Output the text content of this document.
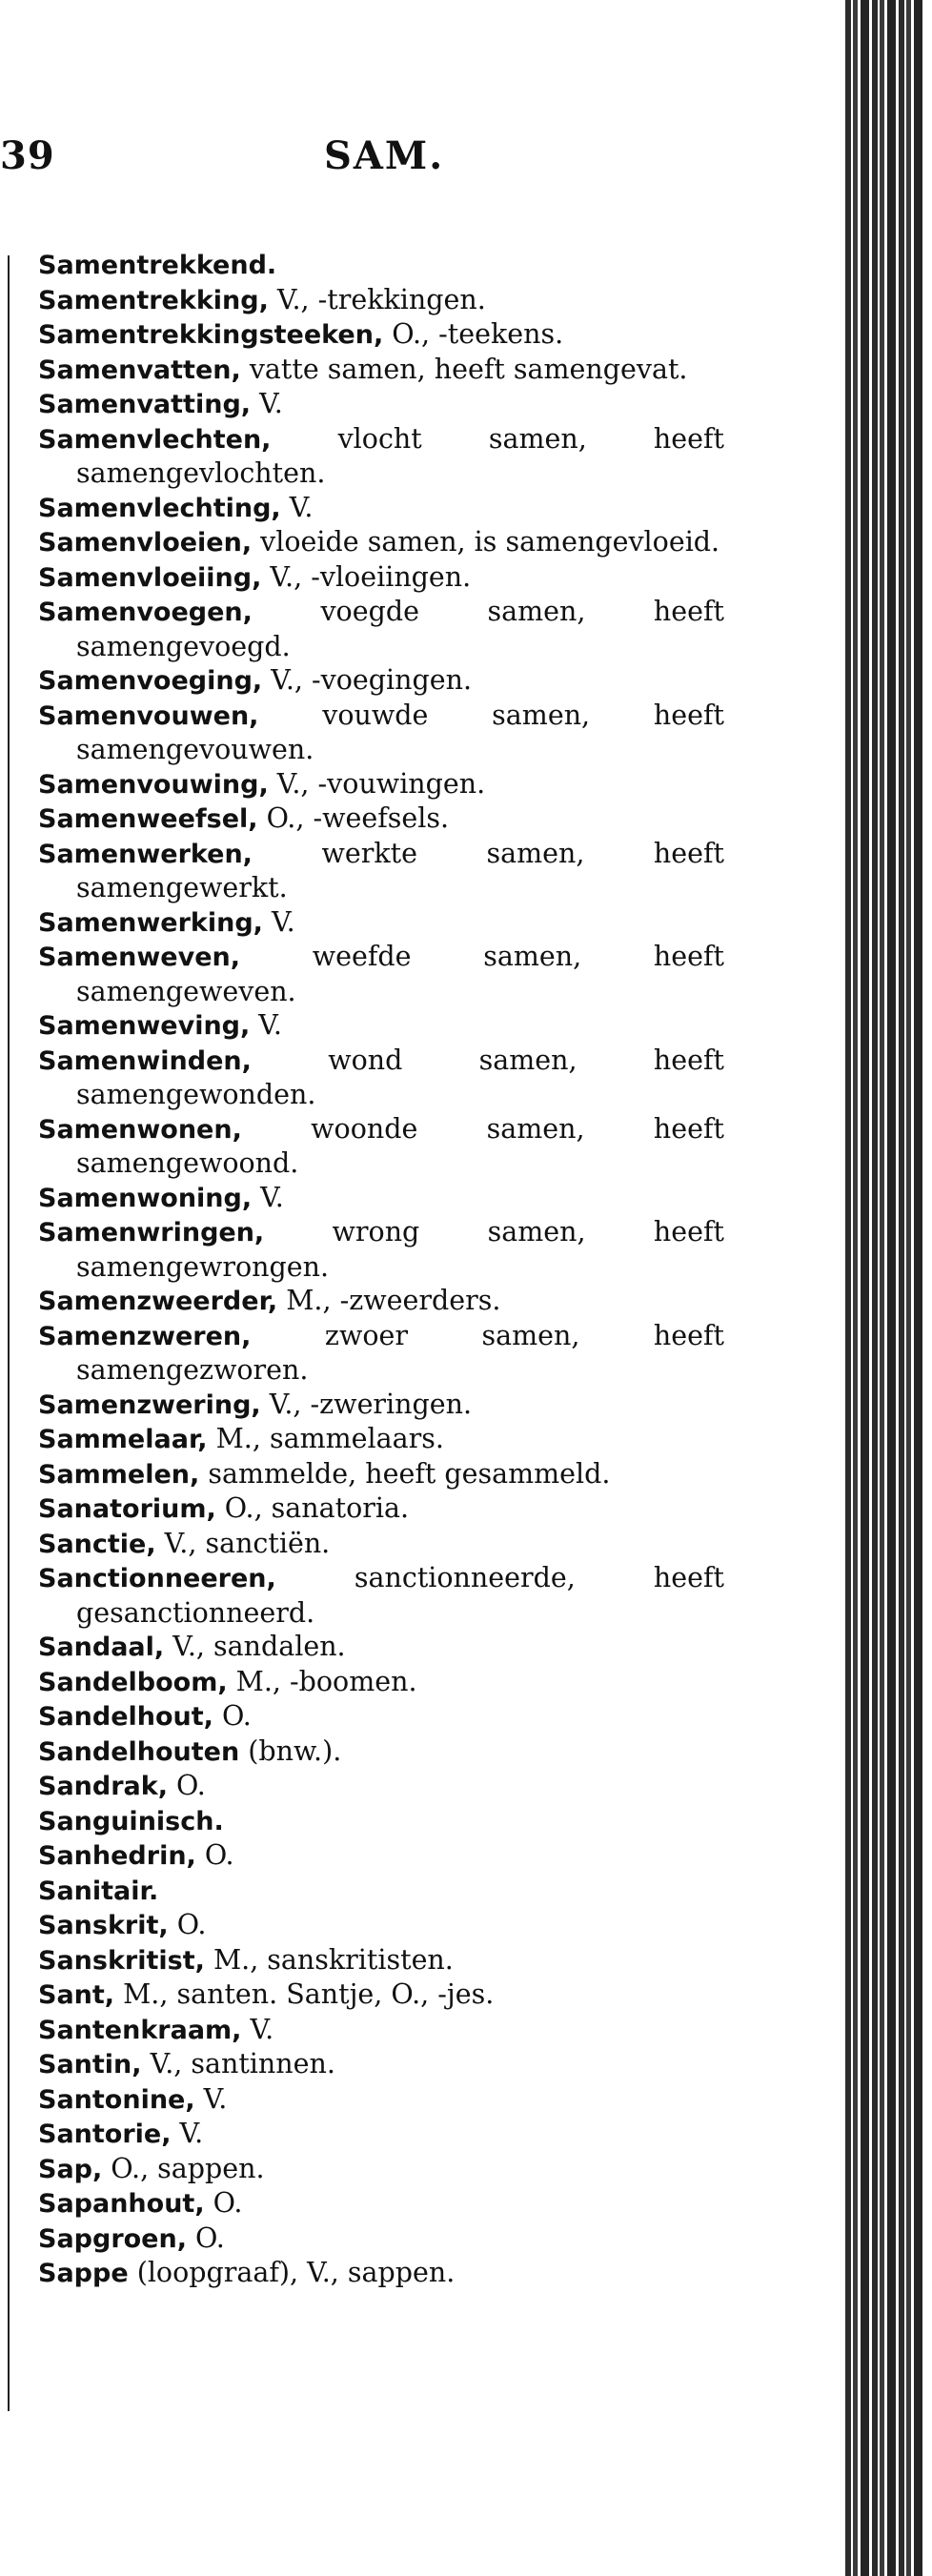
39	SAM.
Samentrekkend.
Samentrekking, V., -trekkingen.
Samentrekkingsteeken, O., -teekens.
Samenvatten, vatte samen, heeft samengevat.
Samenvatting, V.
Samenvlechten, vlocht samen, heeft samengevlochten.
Samenvlechting, V.
Samenvloeien, vloeide samen, is samengevloeid.
Samenvloeiing, V., -vloeiingen.
Samenvoegen, voegde samen, heeft samengevoegd.
Samenvoeging, V., -voegingen.
Samenvouwen, vouwde samen, heeft samengevouwen.
Samenvouwing, V., -vouwingen.
Samenweefsel, O., -weefsels.
Samenwerken, werkte samen, heeft samengewerkt.
Samenwerking, V.
Samenweven, weefde samen, heeft samengeweven.
Samenweving, V.
Samenwinden, wond samen, heeft samengewonden.
Samenwonen, woonde samen, heeft samengewoond.
Samenwoning, V.
Samenwringen, wrong samen, heeft samengewrongen.
Samenzweerder, M., -zweerders.
Samenzweren, zwoer samen, heeft samengezworen.
Samenzwering, V., -zweringen.
Sammelaar, M., sammelaars.
Sammelen, sammelde, heeft gesammeld.
Sanatorium, O., sanatoria.
Sanctie, V., sanctiën.
Sanctionneeren, sanctionneerde, heeft gesanctionneerd.
Sandaal, V., sandalen.
Sandelboom, M., -boomen.
Sandelhout, O.
Sandelhouten (bnw.).
Sandrak, O.
Sanguinisch.
Sanhedrin, O.
Sanitair.
Sanskrit, O.
Sanskritist, M., sanskritisten.
Sant, M., santen. Santje, O., -jes.
Santenkraam, V.
Santin, V., santinnen.
Santonine, V.
Santorie, V.
Sap, O., sappen.
Sapanhout, O.
Sapgroen, O.
Sappe (loopgraaf), V., sappen.
